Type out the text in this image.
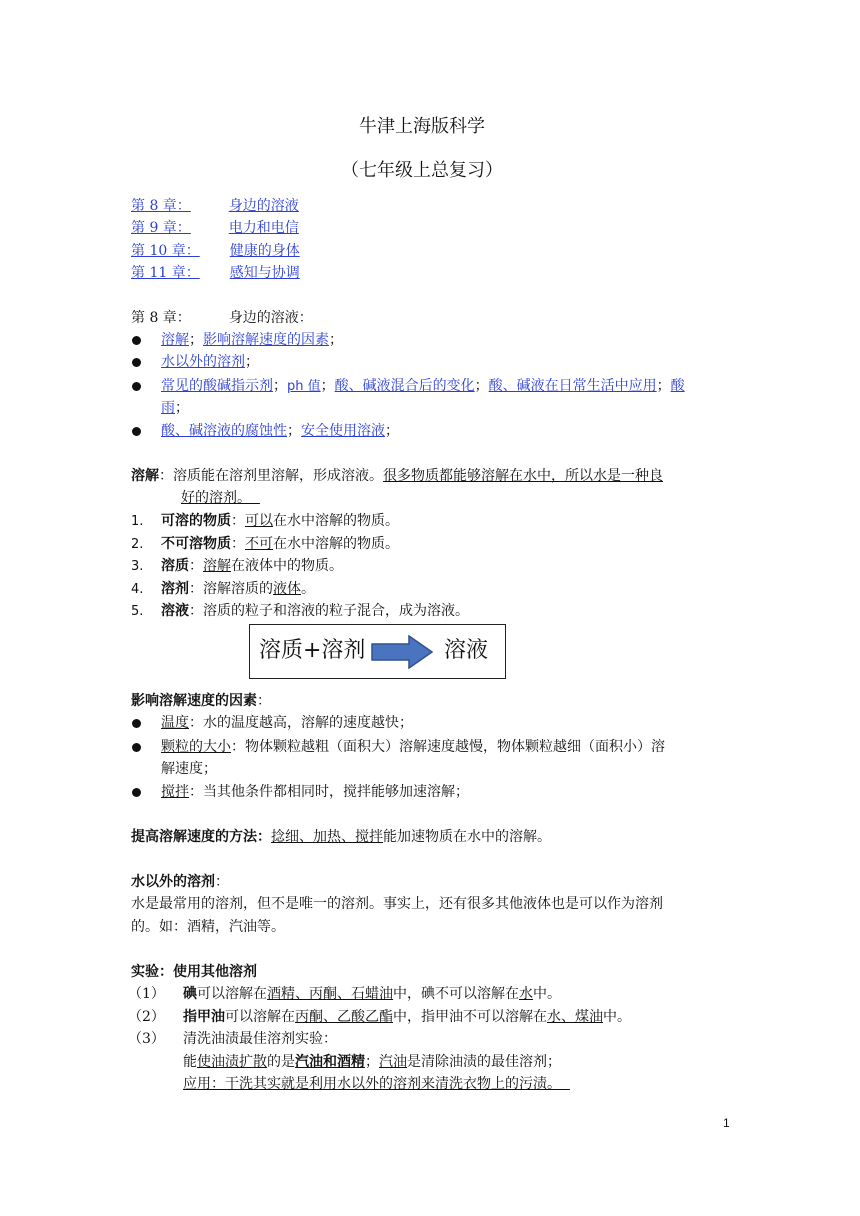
牛津上海版科学
（七年级上总复习）
第 8 章：	身边的溶液
第 9 章：	电力和电信
第 10 章： 健康的身体
第 11 章： 感知与协调
第 8 章：	身边的溶液：
溶解；影响溶解速度的因素；
水以外的溶剂；
常见的酸碱指示剂；ph 值；酸、碱液混合后的变化；酸、碱液在日常生活中应用；酸
雨；
酸、碱溶液的腐蚀性；安全使用溶液；
溶解：溶质能在溶剂里溶解，形成溶液。很多物质都能够溶解在水中，所以水是一种良
好的溶剂。
1. 可溶的物质：可以在水中溶解的物质。
2. 不可溶物质：不可在水中溶解的物质。
3. 溶质：溶解在液体中的物质。
4. 溶剂：溶解溶质的液体。
5. 溶液：溶质的粒子和溶液的粒子混合，成为溶液。
溶质+溶剂	溶液
影响溶解速度的因素：
温度：水的温度越高，溶解的速度越快；
颗粒的大小：物体颗粒越粗（面积大）溶解速度越慢，物体颗粒越细（面积小）溶
解速度；
搅拌：当其他条件都相同时，搅拌能够加速溶解；
提高溶解速度的方法：捻细、加热、搅拌能加速物质在水中的溶解。
水以外的溶剂：
水是最常用的溶剂，但不是唯一的溶剂。事实上，还有很多其他液体也是可以作为溶剂
的。如：酒精，汽油等。
实验：使用其他溶剂
（1） 碘可以溶解在酒精、丙酮、石蜡油中，碘不可以溶解在水中。
（2） 指甲油可以溶解在丙酮、乙酸乙酯中，指甲油不可以溶解在水、煤油中。
（3） 清洗油渍最佳溶剂实验：
能使油渍扩散的是汽油和酒精；汽油是清除油渍的最佳溶剂；
应用：干洗其实就是利用水以外的溶剂来清洗衣物上的污渍。
1
